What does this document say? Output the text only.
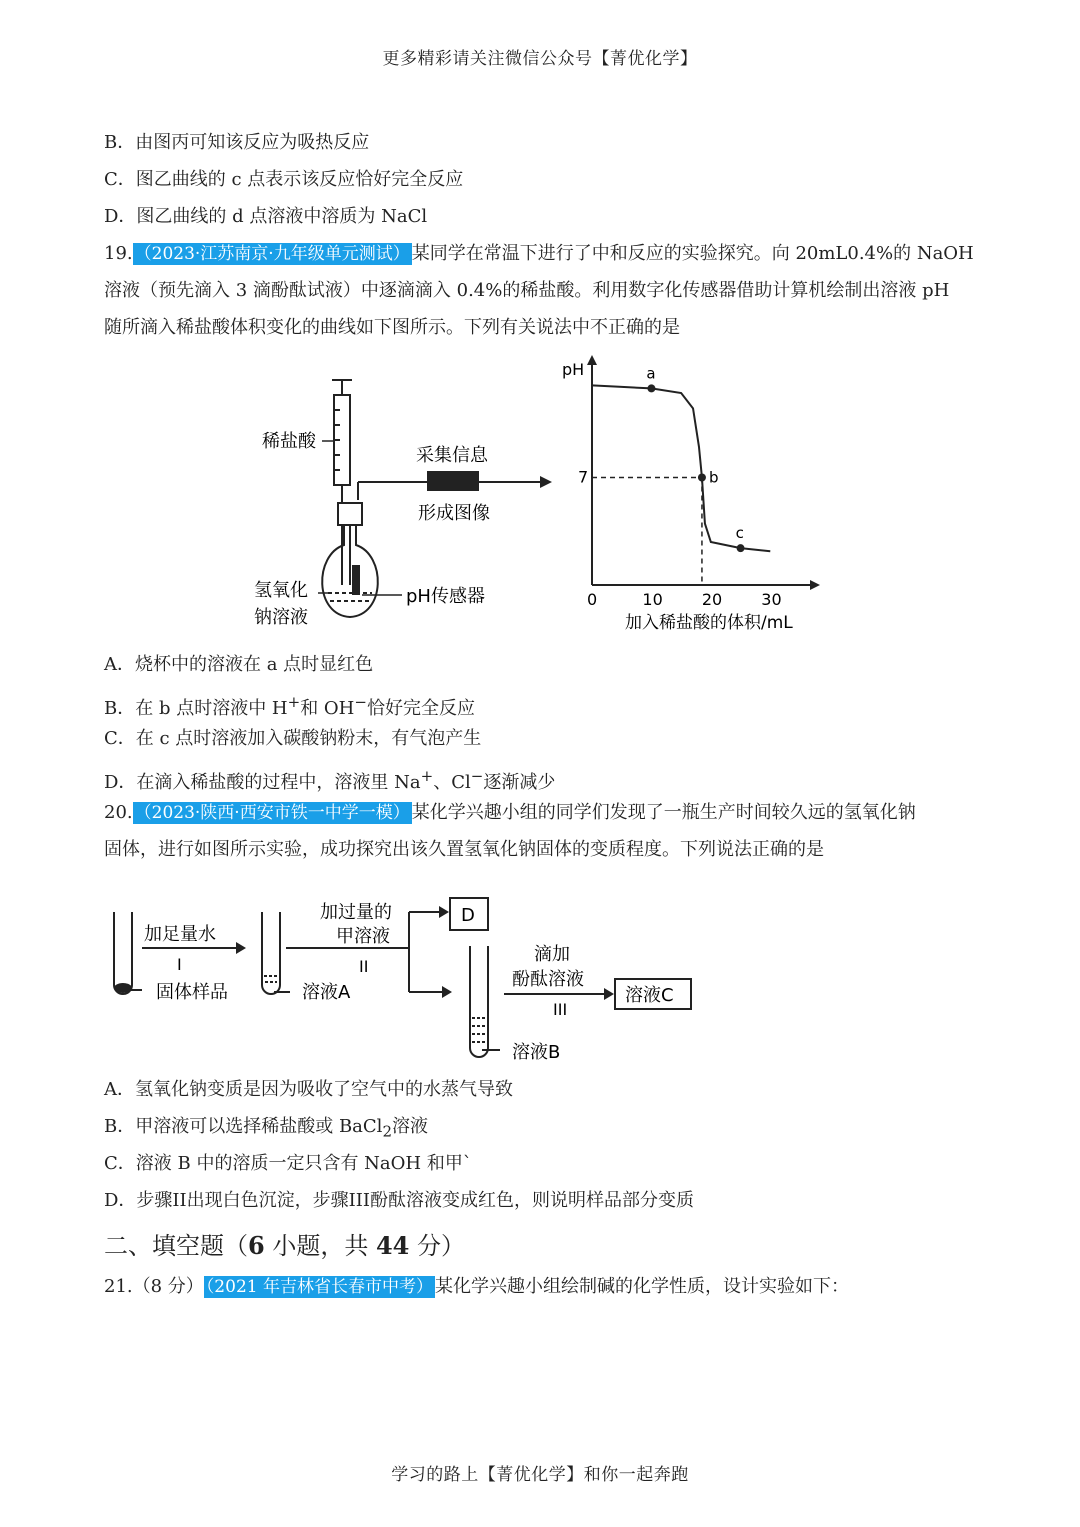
更多精彩请关注微信公众号【菁优化学】
B．由图丙可知该反应为吸热反应
C．图乙曲线的 c 点表示该反应恰好完全反应
D．图乙曲线的 d 点溶液中溶质为 NaCl
19. （2023·江苏南京·九年级单元测试） 某同学在常温下进行了中和反应的实验探究。向 20mL0.4%的 NaOH
溶液（预先滴入 3 滴酚酞试液）中逐滴滴入 0.4%的稀盐酸。利用数字化传感器借助计算机绘制出溶液 pH
随所滴入稀盐酸体积变化的曲线如下图所示。下列有关说法中不正确的是
稀盐酸
采集信息
形成图像
pH传感器
氢氧化
钠溶液
pH
加入稀盐酸的体积/mL
0	10 20 30
7
a
b
c
A．烧杯中的溶液在 a 点时显红色
B．在 b 点时溶液中 H+和 OH−恰好完全反应
C．在 c 点时溶液加入碳酸钠粉末，有气泡产生
D．在滴入稀盐酸的过程中，溶液里 Na+、Cl−逐渐减少
20. （2023·陕西·西安市铁一中学一模） 某化学兴趣小组的同学们发现了一瓶生产时间较久远的氢氧化钠
固体，进行如图所示实验，成功探究出该久置氢氧化钠固体的变质程度。下列说法正确的是
加足量水
I
固体样品	溶液A
加过量的
甲溶液
II
D
溶液B
滴加
酚酞溶液
III
溶液C
A．氢氧化钠变质是因为吸收了空气中的水蒸气导致
B．甲溶液可以选择稀盐酸或 BaCl$_2$溶液
C．溶液 B 中的溶质一定只含有 NaOH 和甲`
D．步骤II出现白色沉淀，步骤III酚酞溶液变成红色，则说明样品部分变质
二、填空题（6 小题，共 44 分）
21.（8 分） （2021 年吉林省长春市中考） 某化学兴趣小组绘制碱的化学性质，设计实验如下：
学习的路上【菁优化学】和你一起奔跑
